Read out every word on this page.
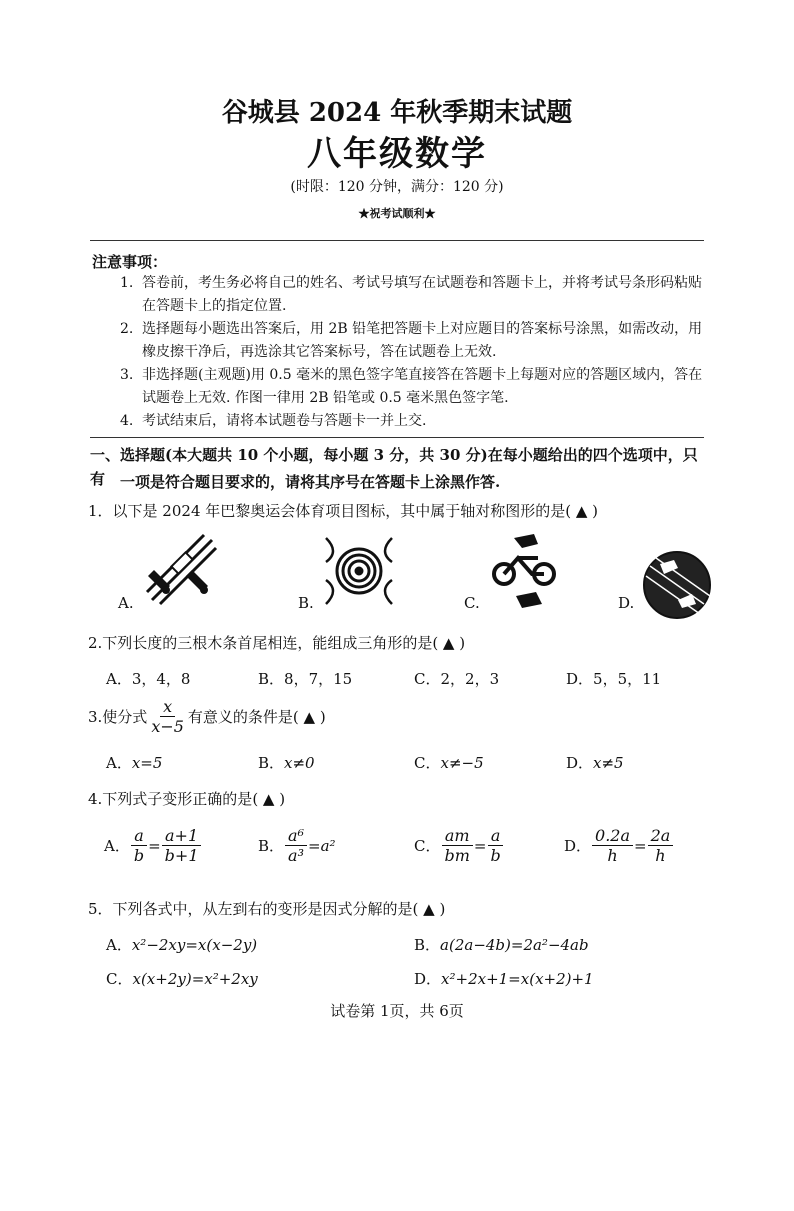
谷城县 2024 年秋季期末试题
八年级数学
(时限：120 分钟，满分：120 分)
★祝考试顺利★
注意事项：
1. 答卷前，考生务必将自己的姓名、考试号填写在试题卷和答题卡上，并将考试号条形码粘贴在答题卡上的指定位置.
2. 选择题每小题选出答案后，用 2B 铅笔把答题卡上对应题目的答案标号涂黑，如需改动，用橡皮擦干净后，再选涂其它答案标号，答在试题卷上无效.
3. 非选择题(主观题)用 0.5 毫米的黑色签字笔直接答在答题卡上每题对应的答题区域内，答在试题卷上无效. 作图一律用 2B 铅笔或 0.5 毫米黑色签字笔.
4. 考试结束后，请将本试题卷与答题卡一并上交.
一、选择题(本大题共 10 个小题，每小题 3 分，共 30 分)在每小题给出的四个选项中，只有 一项是符合题目要求的，请将其序号在答题卡上涂黑作答.
1．以下是 2024 年巴黎奥运会体育项目图标，其中属于轴对称图形的是( ▲ )
A.	B.	C.	D.
2.下列长度的三根木条首尾相连，能组成三角形的是( ▲ )
A．3，4，8	B．8，7，15	C．2，2，3	D．5，5，11
3.使分式 $\frac{x}{x-5}$ 有意义的条件是( ▲ )
A．x=5	B．x≠0	C．x≠−5	D．x≠5
4.下列式子变形正确的是( ▲ )
A． $\frac{a}{b} = \frac{a+1}{b+1}$	B． $\frac{\text{a⁶}}{\text{a³}} = a^2$	C． $\frac{am}{bm} = \frac{a}{b}$	D． $\frac{0.2a}{h} = \frac{2a}{h}$
5．下列各式中，从左到右的变形是因式分解的是( ▲ )
A．x²−2xy=x(x−2y)	B．a(2a−4b)=2a²−4ab
C．x(x+2y)=x²+2xy	D．x²+2x+1=x(x+2)+1
试卷第 1页，共 6页
